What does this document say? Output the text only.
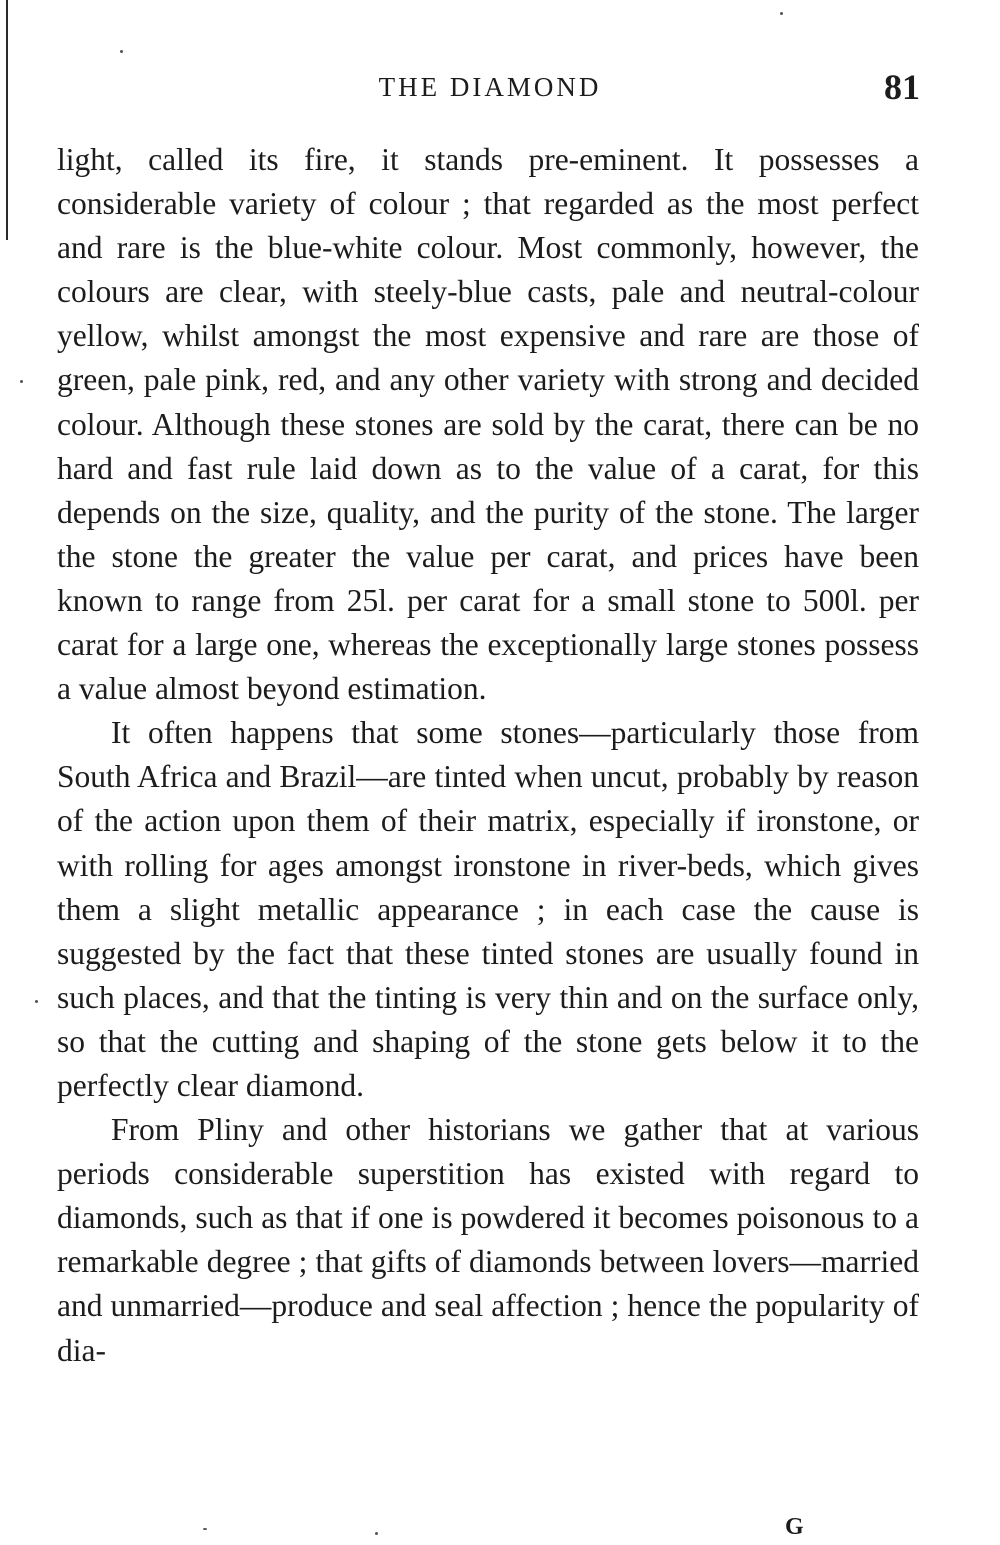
THE DIAMOND	81

light, called its fire, it stands pre-eminent. It possesses a considerable variety of colour ; that regarded as the most perfect and rare is the blue-white colour. Most commonly, however, the colours are clear, with steely-blue casts, pale and neutral-colour yellow, whilst amongst the most expensive and rare are those of green, pale pink, red, and any other variety with strong and decided colour. Although these stones are sold by the carat, there can be no hard and fast rule laid down as to the value of a carat, for this depends on the size, quality, and the purity of the stone. The larger the stone the greater the value per carat, and prices have been known to range from 25l. per carat for a small stone to 500l. per carat for a large one, whereas the exceptionally large stones possess a value almost beyond estimation.

It often happens that some stones—particularly those from South Africa and Brazil—are tinted when uncut, probably by reason of the action upon them of their matrix, especially if ironstone, or with rolling for ages amongst ironstone in river-beds, which gives them a slight metallic appearance ; in each case the cause is suggested by the fact that these tinted stones are usually found in such places, and that the tinting is very thin and on the surface only, so that the cutting and shaping of the stone gets below it to the perfectly clear diamond.

From Pliny and other historians we gather that at various periods considerable superstition has existed with regard to diamonds, such as that if one is powdered it becomes poisonous to a remarkable degree ; that gifts of diamonds between lovers—married and unmarried—produce and seal affection ; hence the popularity of dia-

G
